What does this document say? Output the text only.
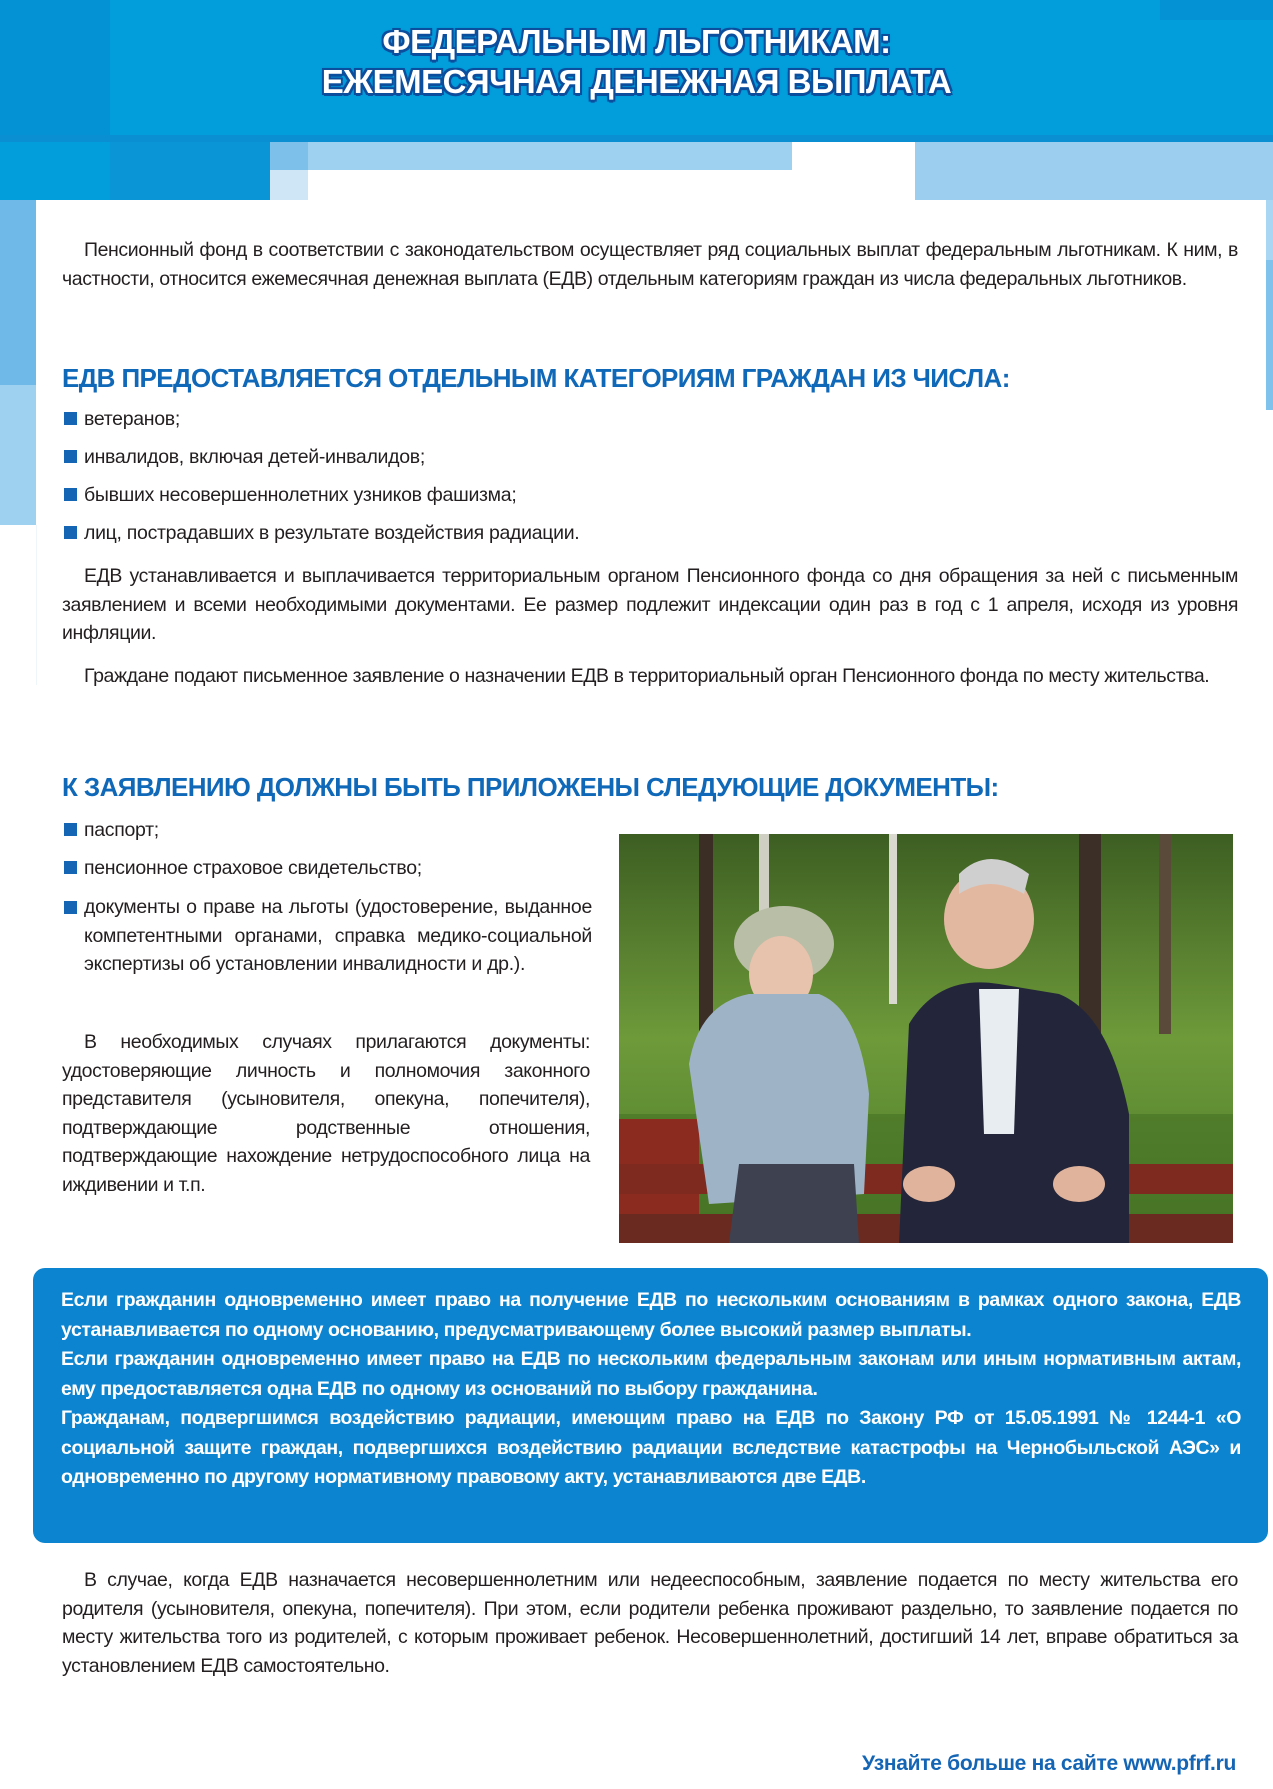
ФЕДЕРАЛЬНЫМ ЛЬГОТНИКАМ:
ЕЖЕМЕСЯЧНАЯ ДЕНЕЖНАЯ ВЫПЛАТА
Пенсионный фонд в соответствии с законодательством осуществляет ряд социальных выплат федеральным льготникам. К ним, в частности, относится ежемесячная денежная выплата (ЕДВ) отдельным категориям граждан из числа федеральных льготников.
ЕДВ ПРЕДОСТАВЛЯЕТСЯ ОТДЕЛЬНЫМ КАТЕГОРИЯМ ГРАЖДАН ИЗ ЧИСЛА:
ветеранов;
инвалидов, включая детей-инвалидов;
бывших несовершеннолетних узников фашизма;
лиц, пострадавших в результате воздействия радиации.
ЕДВ устанавливается и выплачивается территориальным органом Пенсионного фонда со дня обращения за ней с письменным заявлением и всеми необходимыми документами. Ее размер подлежит индексации один раз в год с 1 апреля, исходя из уровня инфляции.
Граждане подают письменное заявление о назначении ЕДВ в территориальный орган Пенсионного фонда по месту жительства.
К ЗАЯВЛЕНИЮ ДОЛЖНЫ БЫТЬ ПРИЛОЖЕНЫ СЛЕДУЮЩИЕ ДОКУМЕНТЫ:
паспорт;
пенсионное страховое свидетельство;
документы о праве на льготы (удостоверение, выданное компетентными органами, справка медико-социальной экспертизы об установлении инвалидности и др.).
В необходимых случаях прилагаются документы: удостоверяющие личность и полномочия законного представителя (усыновителя, опекуна, попечителя), подтверждающие родственные отношения, подтверждающие нахождение нетрудоспособного лица на иждивении и т.п.
Если гражданин одновременно имеет право на получение ЕДВ по нескольким основаниям в рамках одного закона, ЕДВ устанавливается по одному основанию, предусматривающему более высокий размер выплаты.
Если гражданин одновременно имеет право на ЕДВ по нескольким федеральным законам или иным нормативным актам, ему предоставляется одна ЕДВ по одному из оснований по выбору гражданина.
Гражданам, подвергшимся воздействию радиации, имеющим право на ЕДВ по Закону РФ от 15.05.1991 № 1244-1 «О социальной защите граждан, подвергшихся воздействию радиации вследствие катастрофы на Чернобыльской АЭС» и одновременно по другому нормативному правовому акту, устанавливаются две ЕДВ.
В случае, когда ЕДВ назначается несовершеннолетним или недееспособным, заявление подается по месту жительства его родителя (усыновителя, опекуна, попечителя). При этом, если родители ребенка проживают раздельно, то заявление подается по месту жительства того из родителей, с которым проживает ребенок. Несовершеннолетний, достигший 14 лет, вправе обратиться за установлением ЕДВ самостоятельно.
Узнайте больше на сайте www.pfrf.ru
